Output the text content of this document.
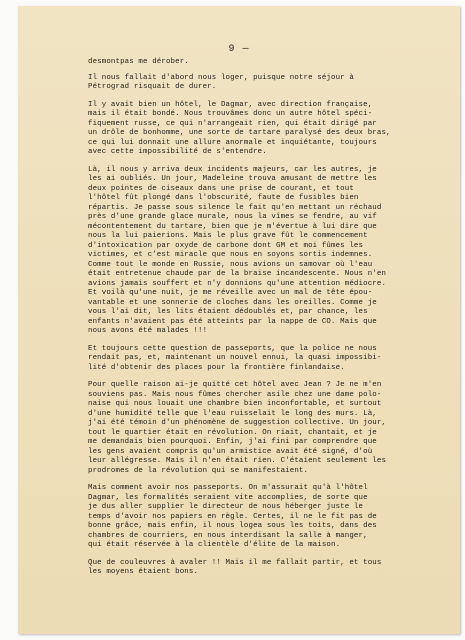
9 —
desmontpas me dérober.
Il nous fallait d'abord nous loger, puisque notre séjour à
Pétrograd risquait de durer.
Il y avait bien un hôtel, le Dagmar, avec direction française,
mais il était bondé. Nous trouvâmes donc un autre hôtel spéci-
fiquement russe, ce qui n'arrangeait rien, qui était dirigé par
un drôle de bonhomme, une sorte de tartare paralysé des deux bras,
ce qui lui donnait une allure anormale et inquiétante, toujours
avec cette impossibilité de s'entendre.
Là, il nous y arriva deux incidents majeurs, car les autres, je
les ai oubliés. Un jour, Madeleine trouva amusant de mettre les
deux pointes de ciseaux dans une prise de courant, et tout
l'hôtel fût plongé dans l'obscurité, faute de fusibles bien
répartis. Je passe sous silence le fait qu'en mettant un réchaud
près d'une grande glace murale, nous la vîmes se fendre, au vif
mécontentement du tartare, bien que je m'évertue à lui dire que
nous la lui paierions. Mais le plus grave fût le commencement
d'intoxication par oxyde de carbone dont GM et moi fûmes les
victimes, et c'est miracle que nous en soyons sortis indemnes.
Comme tout le monde en Russie, nous avions un samovar où l'eau
était entretenue chaude par de la braise incandescente. Nous n'en
avions jamais souffert et n'y donnions qu'une attention médiocre.
Et voilà qu'une nuit, je me réveille avec un mal de tête épou-
vantable et une sonnerie de cloches dans les oreilles. Comme je
vous l'ai dit, les lits étaient dédoublés et, par chance, les
enfants n'avaient pas été atteints par la nappe de CO. Mais que
nous avons été malades !!!
Et toujours cette question de passeports, que la police ne nous
rendait pas, et, maintenant un nouvel ennui, la quasi impossibi-
lité d'obtenir des places pour la frontière finlandaise.
Pour quelle raison ai-je quitté cet hôtel avec Jean ? Je ne m'en
souviens pas. Mais nous fûmes chercher asile chez une dame polo-
naise qui nous louait une chambre bien inconfortable, et surtout
d'une humidité telle que l'eau ruisselait le long des murs. Là,
j'ai été témoin d'un phénomène de suggestion collective. Un jour,
tout le quartier était en révolution. On riait, chantait, et je
me demandais bien pourquoi. Enfin, j'ai fini par comprendre que
les gens avaient compris qu'un armistice avait été signé, d'où
leur allégresse. Mais il n'en était rien. C'étaient seulement les
prodromes de la révolution qui se manifestaient.
Mais comment avoir nos passeports. On m'assurait qu'à l'hôtel
Dagmar, les formalités seraient vite accomplies, de sorte que
je dus aller supplier le directeur de nous héberger juste le
temps d'avoir nos papiers en règle. Certes, il ne le fit pas de
bonne grâce, mais enfin, il nous logea sous les toits, dans des
chambres de courriers, en nous interdisant la salle à manger,
qui était réservée à la clientèle d'élite de la maison.
Que de couleuvres à avaler !! Mais il me fallait partir, et tous
les moyens étaient bons.
